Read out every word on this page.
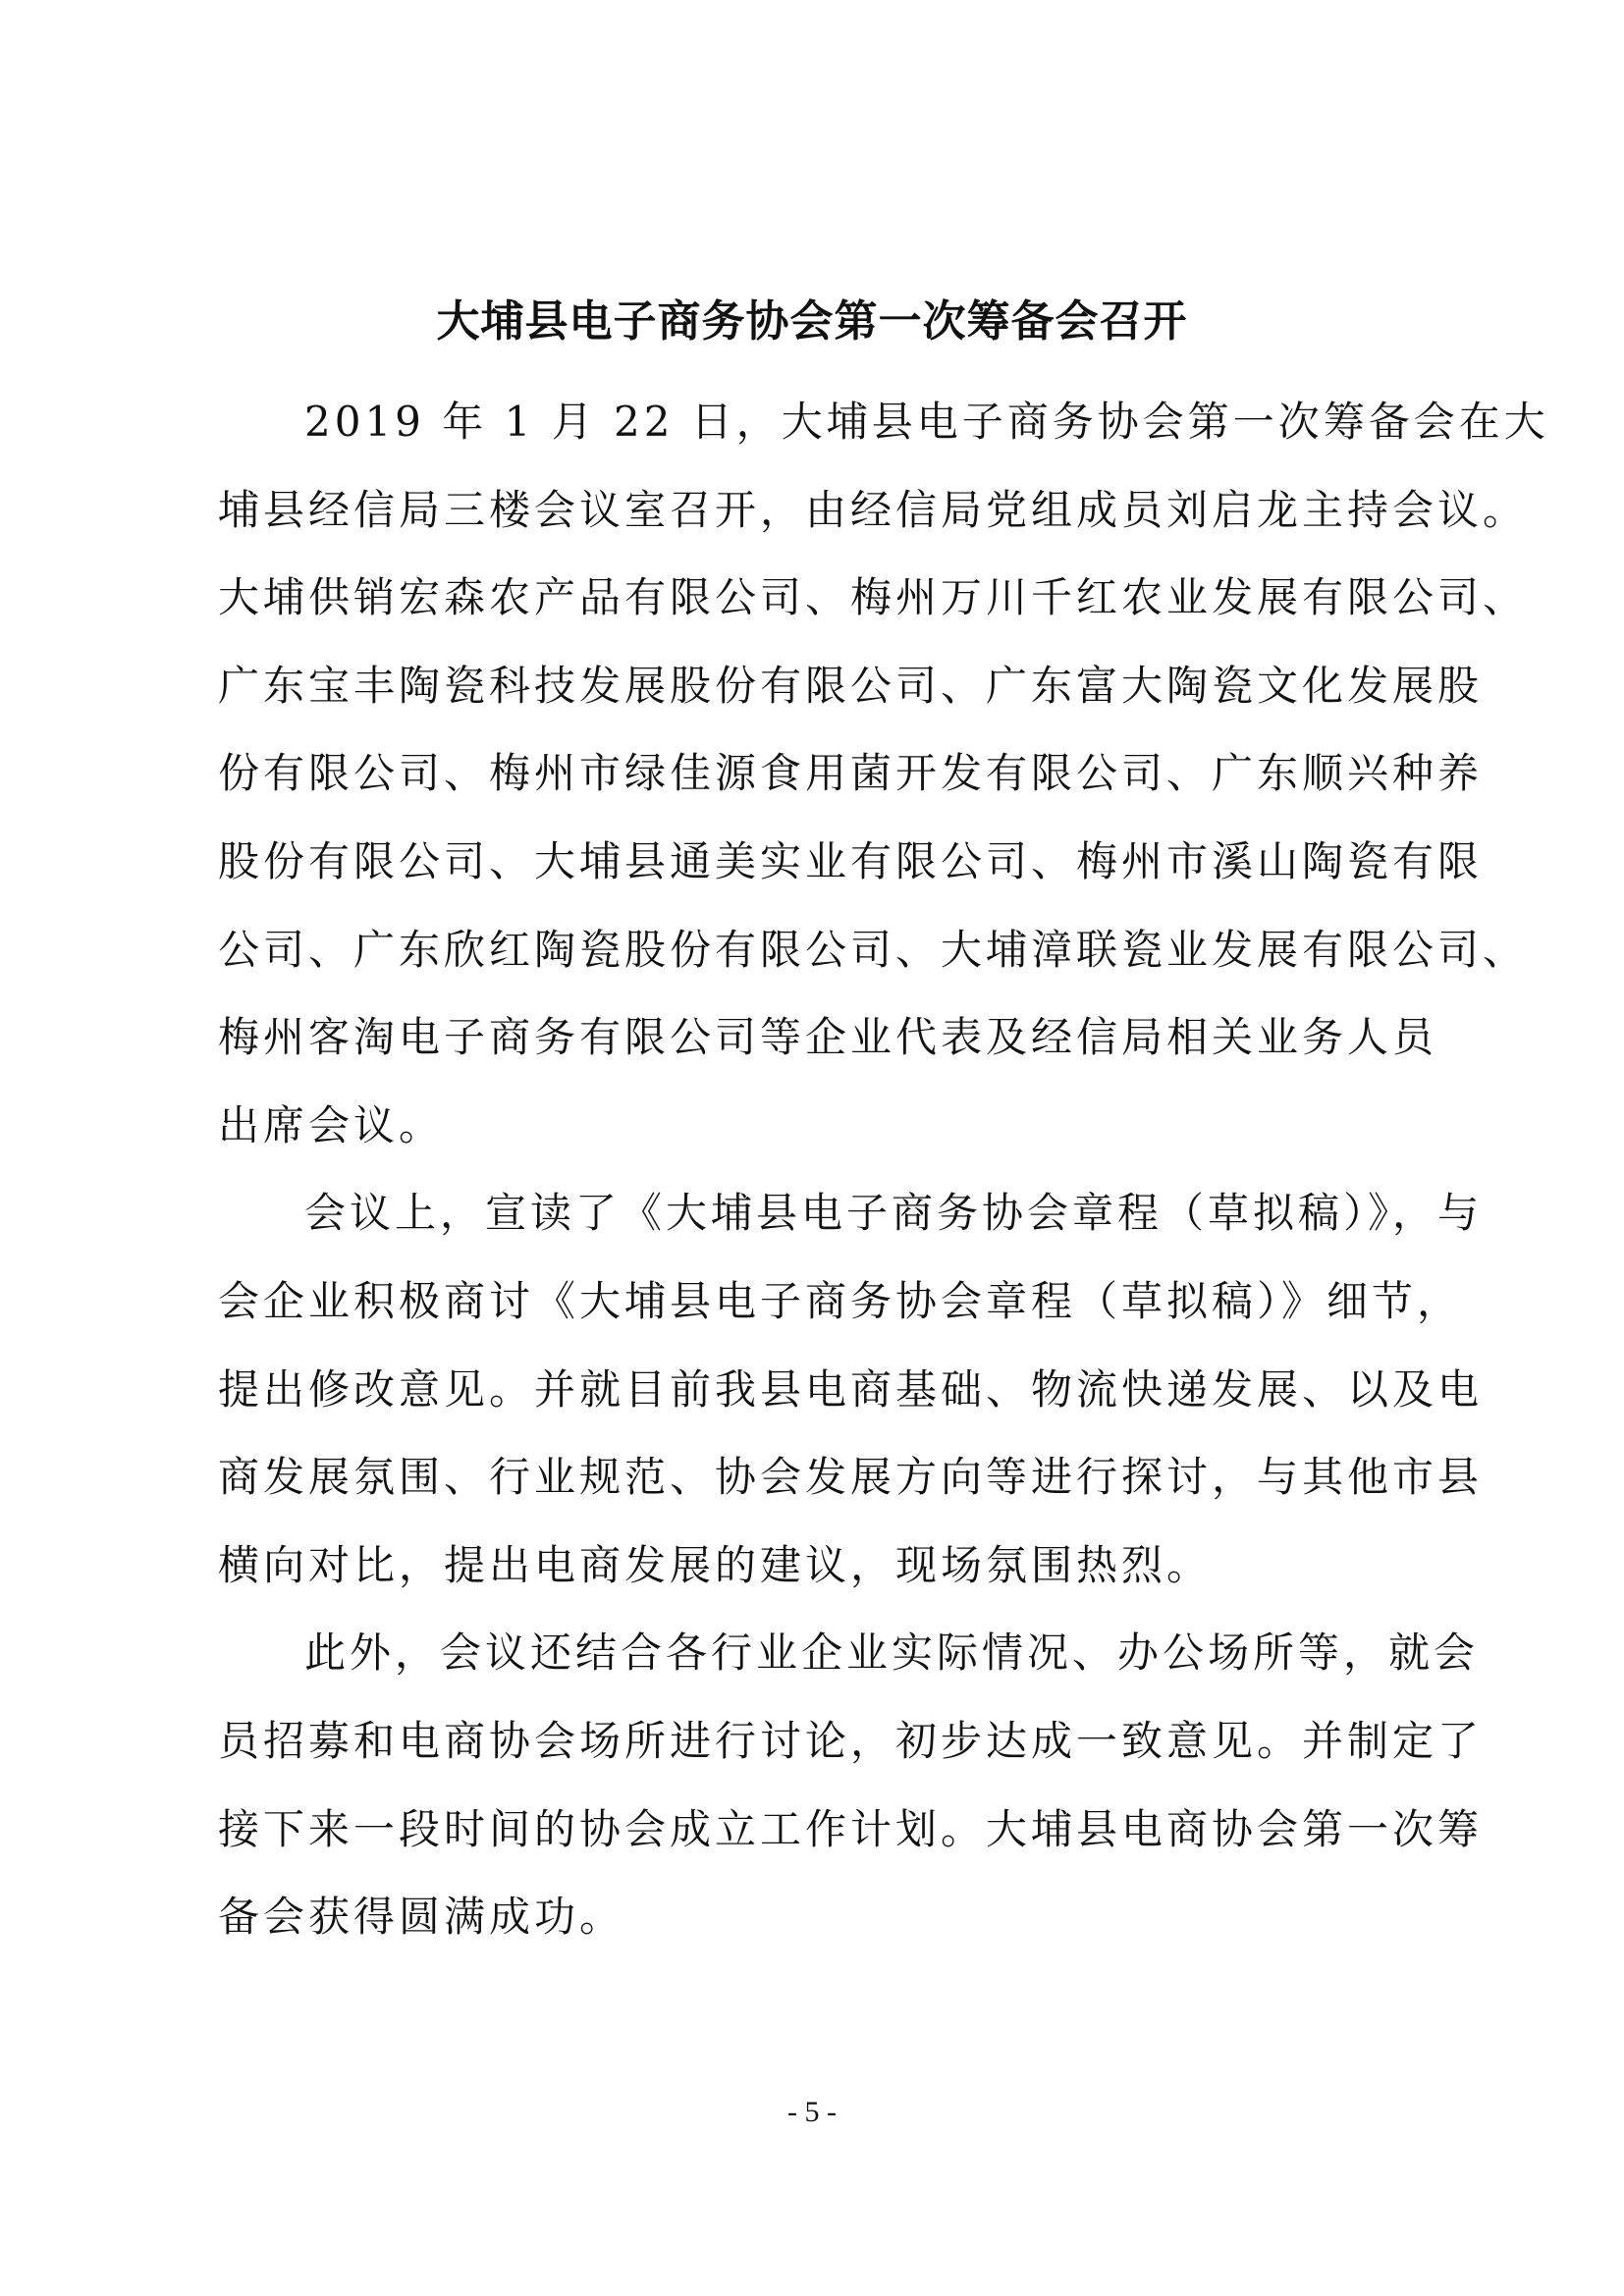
大埔县电子商务协会第一次筹备会召开
2019 年 1 月 22 日，大埔县电子商务协会第一次筹备会在大
埔县经信局三楼会议室召开，由经信局党组成员刘启龙主持会议。
大埔供销宏森农产品有限公司、梅州万川千红农业发展有限公司、
广东宝丰陶瓷科技发展股份有限公司、广东富大陶瓷文化发展股
份有限公司、梅州市绿佳源食用菌开发有限公司、广东顺兴种养
股份有限公司、大埔县通美实业有限公司、梅州市溪山陶瓷有限
公司、广东欣红陶瓷股份有限公司、大埔漳联瓷业发展有限公司、
梅州客淘电子商务有限公司等企业代表及经信局相关业务人员
出席会议。
会议上，宣读了《大埔县电子商务协会章程（草拟稿）》，与
会企业积极商讨《大埔县电子商务协会章程（草拟稿）》细节，
提出修改意见。并就目前我县电商基础、物流快递发展、以及电
商发展氛围、行业规范、协会发展方向等进行探讨，与其他市县
横向对比，提出电商发展的建议，现场氛围热烈。
此外，会议还结合各行业企业实际情况、办公场所等，就会
员招募和电商协会场所进行讨论，初步达成一致意见。并制定了
接下来一段时间的协会成立工作计划。大埔县电商协会第一次筹
备会获得圆满成功。
- 5 -
